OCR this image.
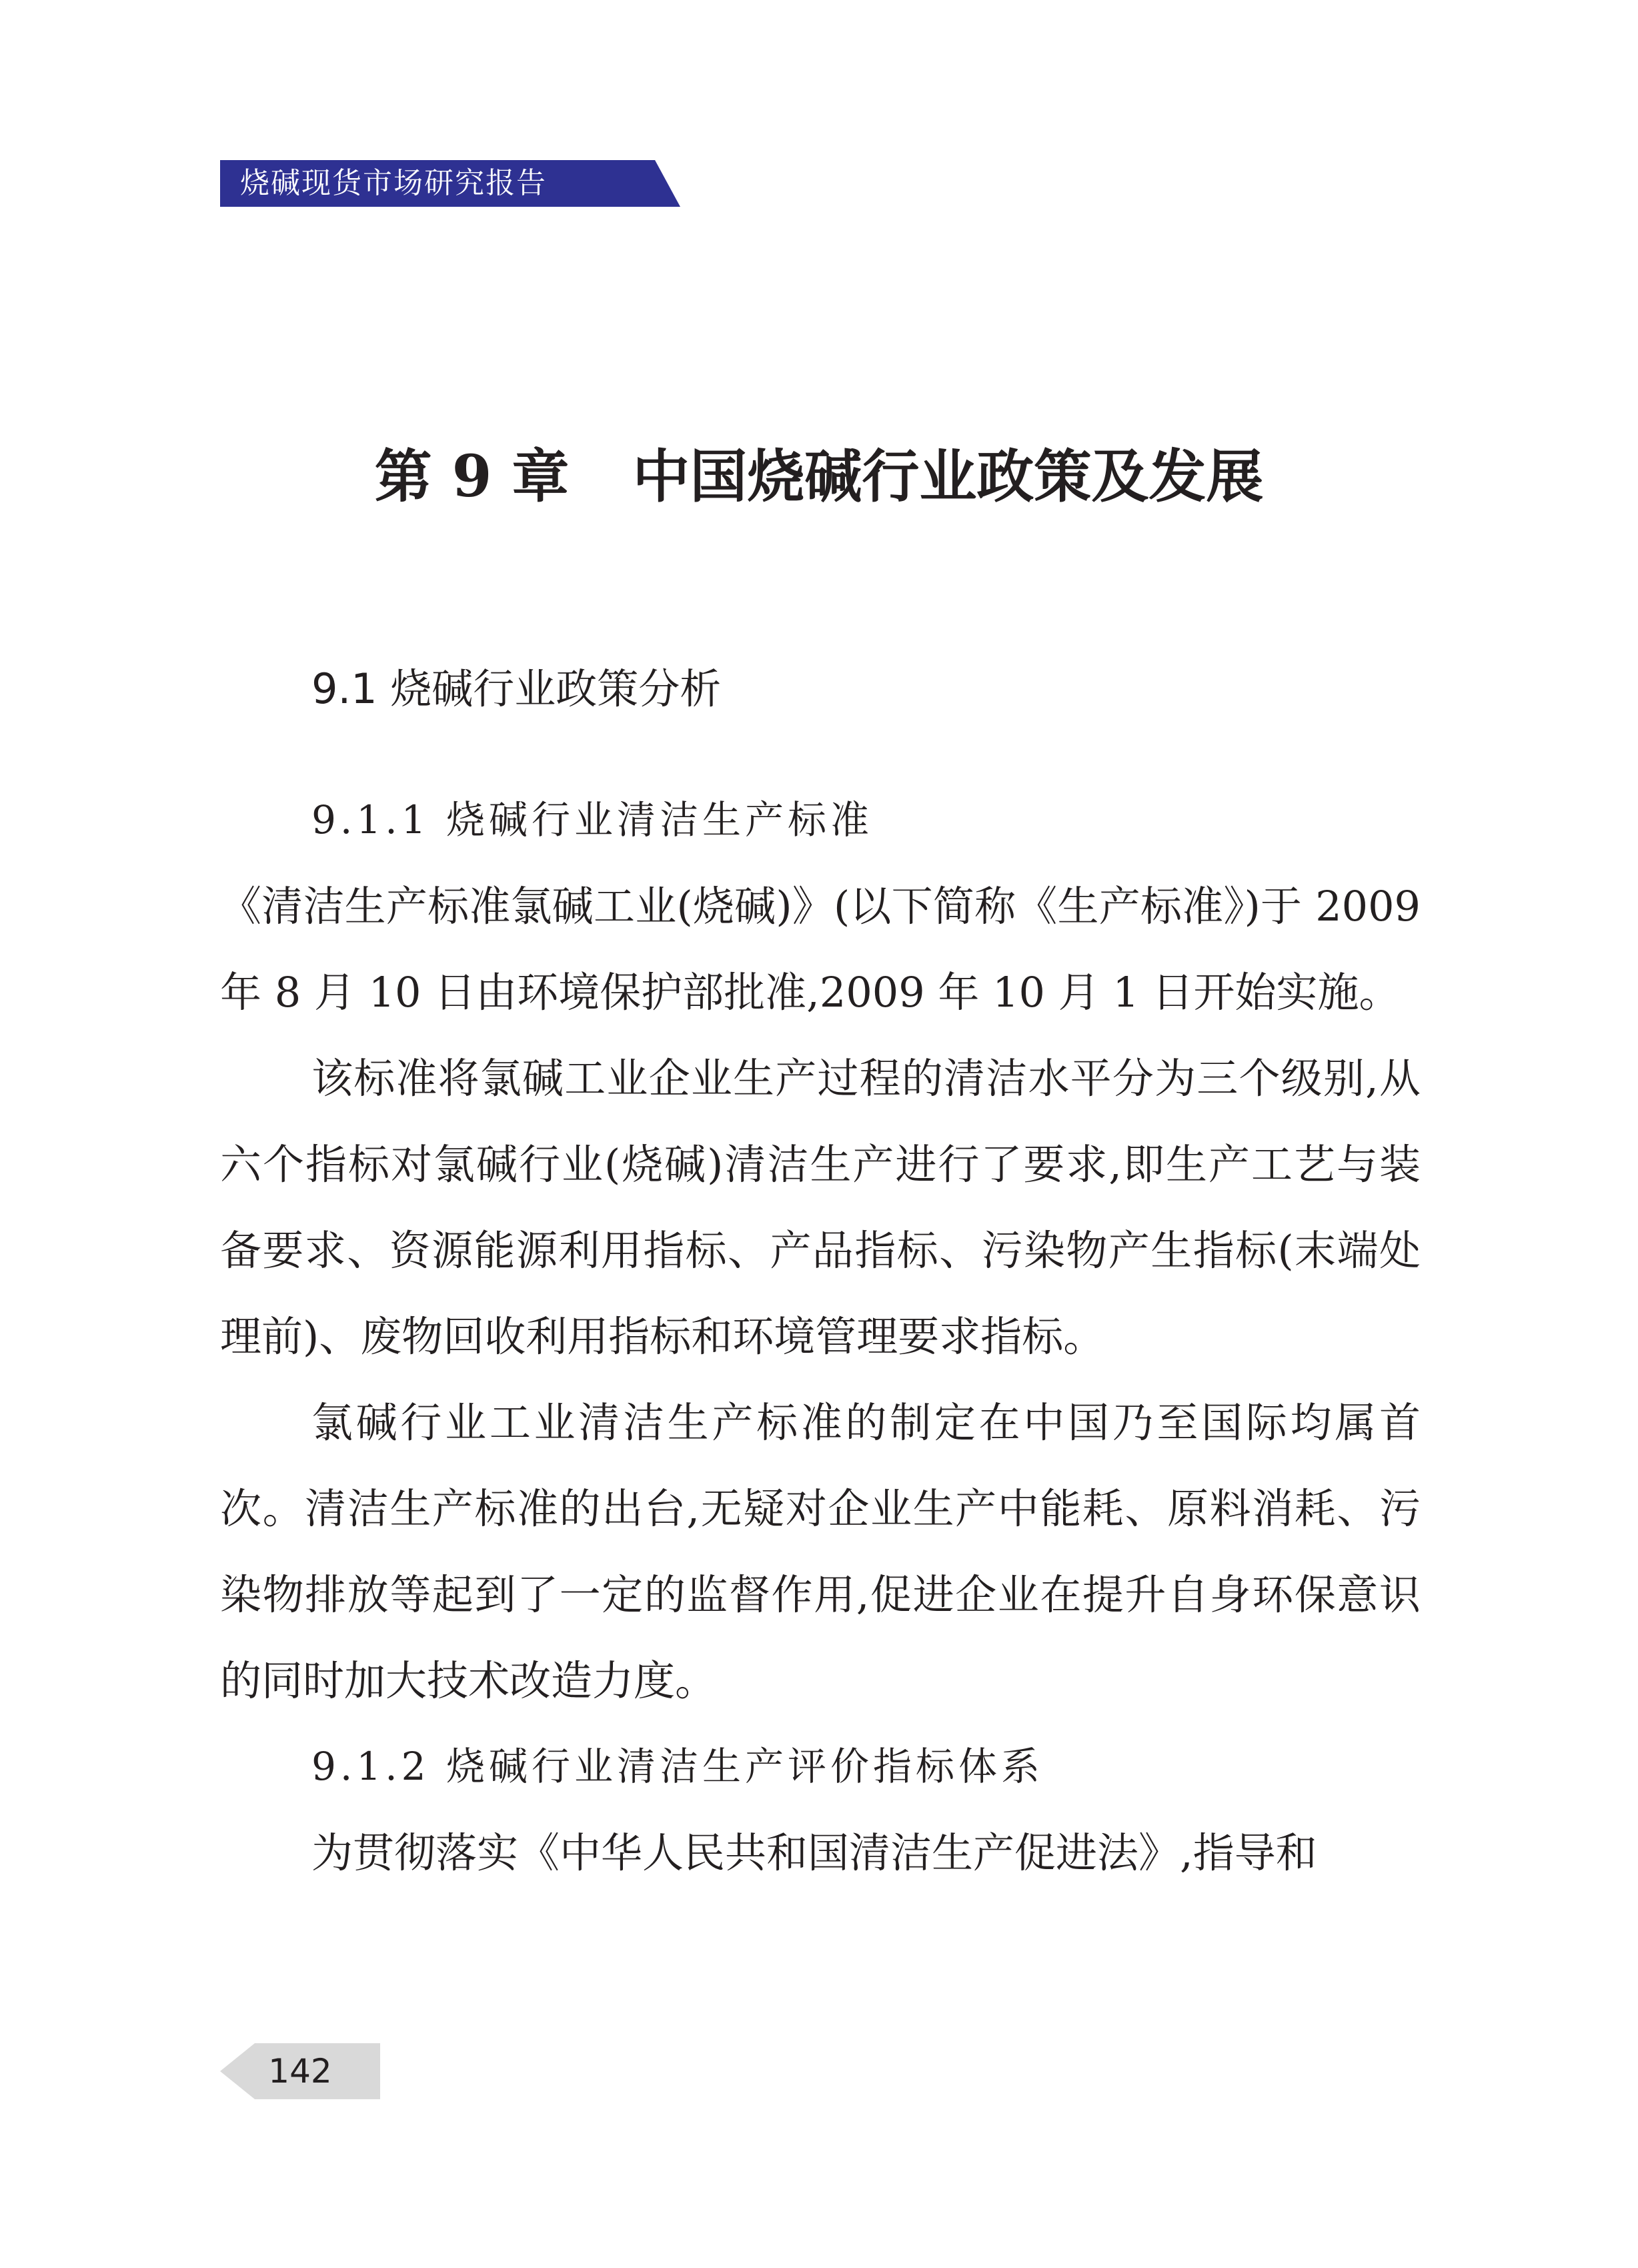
烧碱现货市场研究报告
第 9 章 中国烧碱行业政策及发展
9.1 烧碱行业政策分析

9.1.1 烧碱行业清洁生产标准

《清洁生产标准氯碱工业(烧碱)》(以下简称《生产标准》)于 2009 年 8 月 10 日由环境保护部批准,2009 年 10 月 1 日开始实施。

该标准将氯碱工业企业生产过程的清洁水平分为三个级别,从六个指标对氯碱行业(烧碱)清洁生产进行了要求,即生产工艺与装备要求、资源能源利用指标、产品指标、污染物产生指标(末端处理前)、废物回收利用指标和环境管理要求指标。

氯碱行业工业清洁生产标准的制定在中国乃至国际均属首次。清洁生产标准的出台,无疑对企业生产中能耗、原料消耗、污染物排放等起到了一定的监督作用,促进企业在提升自身环保意识的同时加大技术改造力度。

9.1.2 烧碱行业清洁生产评价指标体系

为贯彻落实《中华人民共和国清洁生产促进法》,指导和

142
